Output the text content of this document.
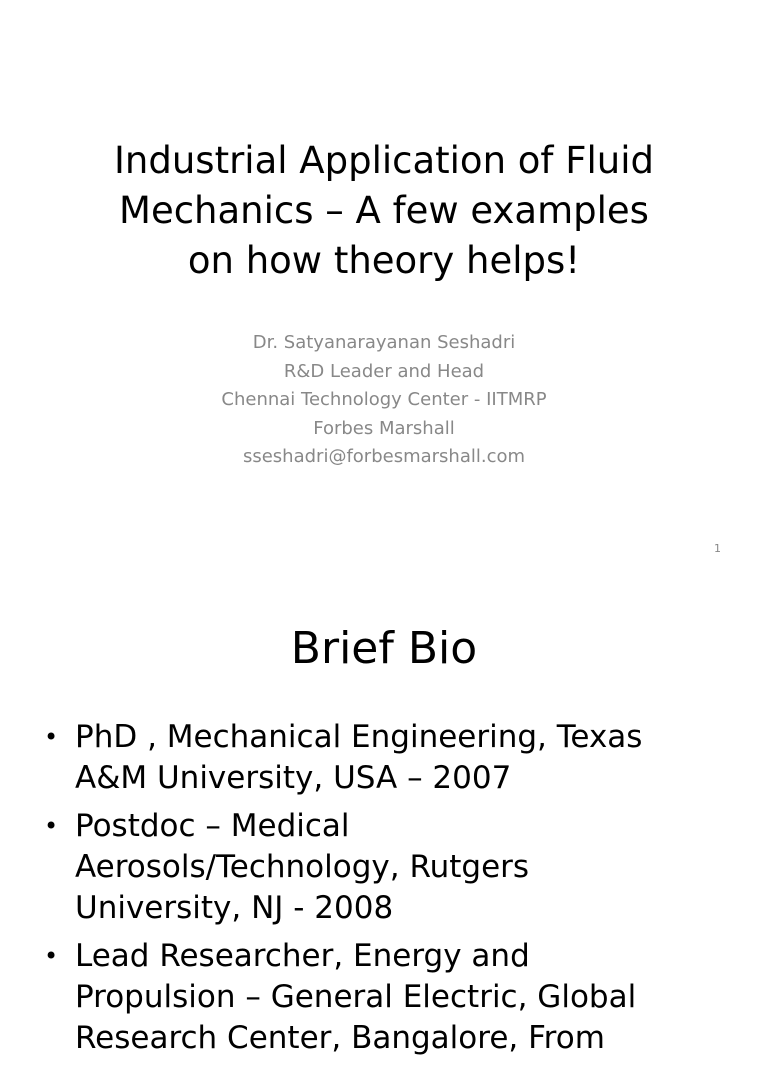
Industrial Application of Fluid
Mechanics – A few examples
on how theory helps!
Dr. Satyanarayanan Seshadri
R&D Leader and Head
Chennai Technology Center - IITMRP
Forbes Marshall
sseshadri@forbesmarshall.com
1
Brief Bio
• PhD , Mechanical Engineering, Texas
A&M University, USA – 2007
• Postdoc – Medical
Aerosols/Technology, Rutgers
University, NJ - 2008
• Lead Researcher, Energy and
Propulsion – General Electric, Global
Research Center, Bangalore, From
